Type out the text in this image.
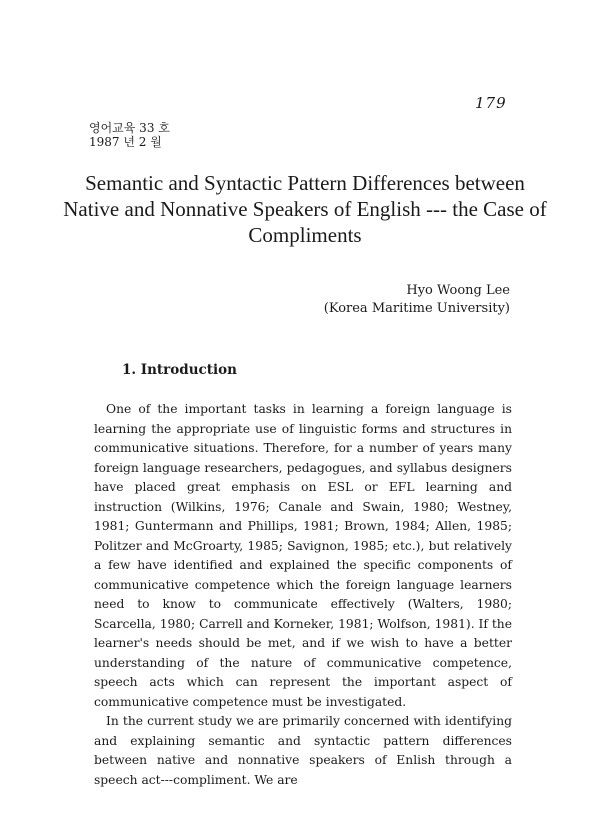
179
영어교육 33 호
1987 년 2 월
Semantic and Syntactic Pattern Differences between Native and Nonnative Speakers of English --- the Case of Compliments
Hyo Woong Lee
(Korea Maritime University)
1. Introduction

One of the important tasks in learning a foreign language is learning the appropriate use of linguistic forms and structures in communicative situations. Therefore, for a number of years many foreign language researchers, pedagogues, and syllabus designers have placed great emphasis on ESL or EFL learning and instruction (Wilkins, 1976; Canale and Swain, 1980; Westney, 1981; Guntermann and Phillips, 1981; Brown, 1984; Allen, 1985; Politzer and McGroarty, 1985; Savignon, 1985; etc.), but relatively a few have identified and explained the specific components of communicative competence which the foreign language learners need to know to communicate effectively (Walters, 1980; Scarcella, 1980; Carrell and Korneker, 1981; Wolfson, 1981). If the learner's needs should be met, and if we wish to have a better understanding of the nature of communicative competence, speech acts which can represent the important aspect of communicative competence must be investigated.

In the current study we are primarily concerned with identifying and explaining semantic and syntactic pattern differences between native and nonnative speakers of Enlish through a speech act---compliment. We are
